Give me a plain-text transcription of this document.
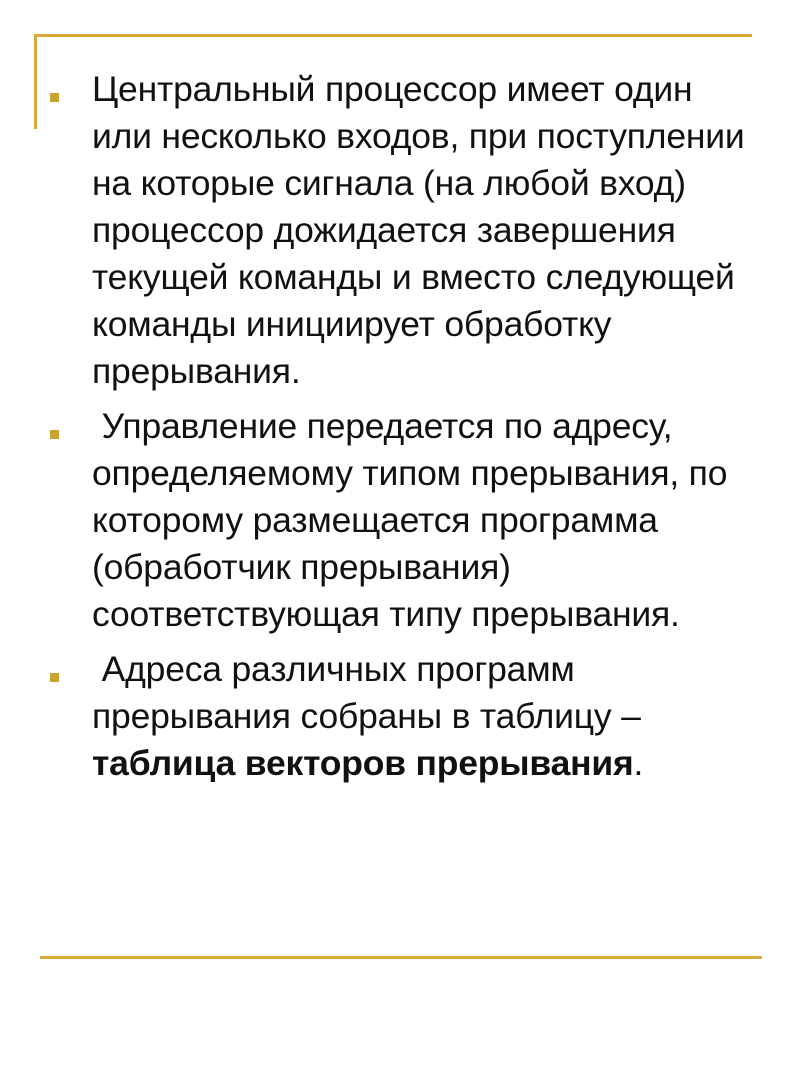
Центральный процессор имеет один или несколько входов, при поступлении на которые сигнала (на любой вход) процессор дожидается завершения текущей команды и вместо следующей команды инициирует обработку прерывания.
Управление передается по адресу, определяемому типом прерывания, по которому размещается программа (обработчик прерывания) соответствующая типу прерывания.
Адреса различных программ прерывания собраны в таблицу – таблица векторов прерывания.
